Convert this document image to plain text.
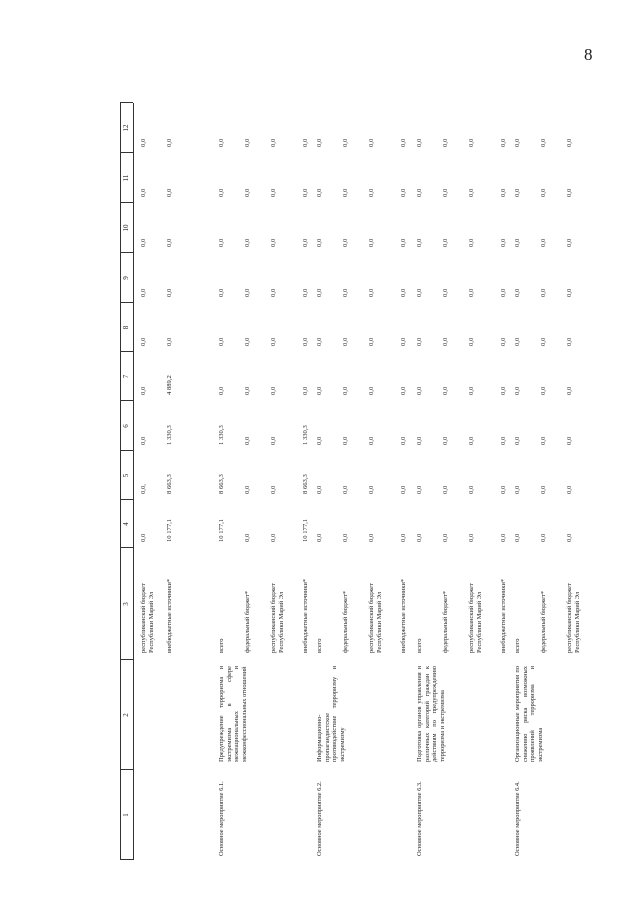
8
1
2
3
4
5
6
7
8
9
10
11
12
республиканский бюджет Республики Марий Эл
0,0
0,0,
0,0
0,0
0,0
0,0
0,0
0,0
0,0
внебюджетные источники*
10 177,1
8 663,3
1 330,3
4 889,2
0,0
0,0
0,0
0,0
0,0
Основное мероприятие 6.1.
Предупреждение терроризма и экстремизма в сфере межнациональных и межконфессиональных отношений
всего
10 177,1
8 663,3
1 330,3
0,0
0,0
0,0
0,0
0,0
0,0
федеральный бюджет*
0,0
0,0
0,0
0,0
0,0
0,0
0,0
0,0
0,0
республиканский бюджет Республики Марий Эл
0,0
0,0
0,0
0,0
0,0
0,0
0,0
0,0
0,0
внебюджетные источники*
10 177,1
8 663,3
1 330,3
0,0
0,0
0,0
0,0
0,0
0,0
Основное мероприятие 6.2.
Информационно-пропагандистское противодействие терроризму и экстремизму
всего
0,0
0,0
0,0
0,0
0,0
0,0
0,0
0,0
0,0
федеральный бюджет*
0,0
0,0
0,0
0,0
0,0
0,0
0,0
0,0
0,0
республиканский бюджет Республики Марий Эл
0,0
0,0
0,0
0,0
0,0
0,0
0,0
0,0
0,0
внебюджетные источники*
0,0
0,0
0,0
0,0
0,0
0,0
0,0
0,0
0,0
Основное мероприятие 6.3.
Подготовка органов управления и различных категорий граждан к действиям по предупреждению терроризма и экстремизма
всего
0,0
0,0
0,0
0,0
0,0
0,0
0,0
0,0
0,0
федеральный бюджет*
0,0
0,0
0,0
0,0
0,0
0,0
0,0
0,0
0,0
республиканский бюджет Республики Марий Эл
0,0
0,0
0,0
0,0
0,0
0,0
0,0
0,0
0,0
внебюджетные источники*
0,0
0,0
0,0
0,0
0,0
0,0
0,0
0,0
0,0
Основное мероприятие 6.4.
Организационные мероприятия по снижению риска возможных проявлений терроризма и экстремизма
всего
0,0
0,0
0,0
0,0
0,0
0,0
0,0
0,0
0,0
федеральный бюджет*
0,0
0,0
0,0
0,0
0,0
0,0
0,0
0,0
0,0
республиканский бюджет Республики Марий Эл
0,0
0,0
0,0
0,0
0,0
0,0
0,0
0,0
0,0
